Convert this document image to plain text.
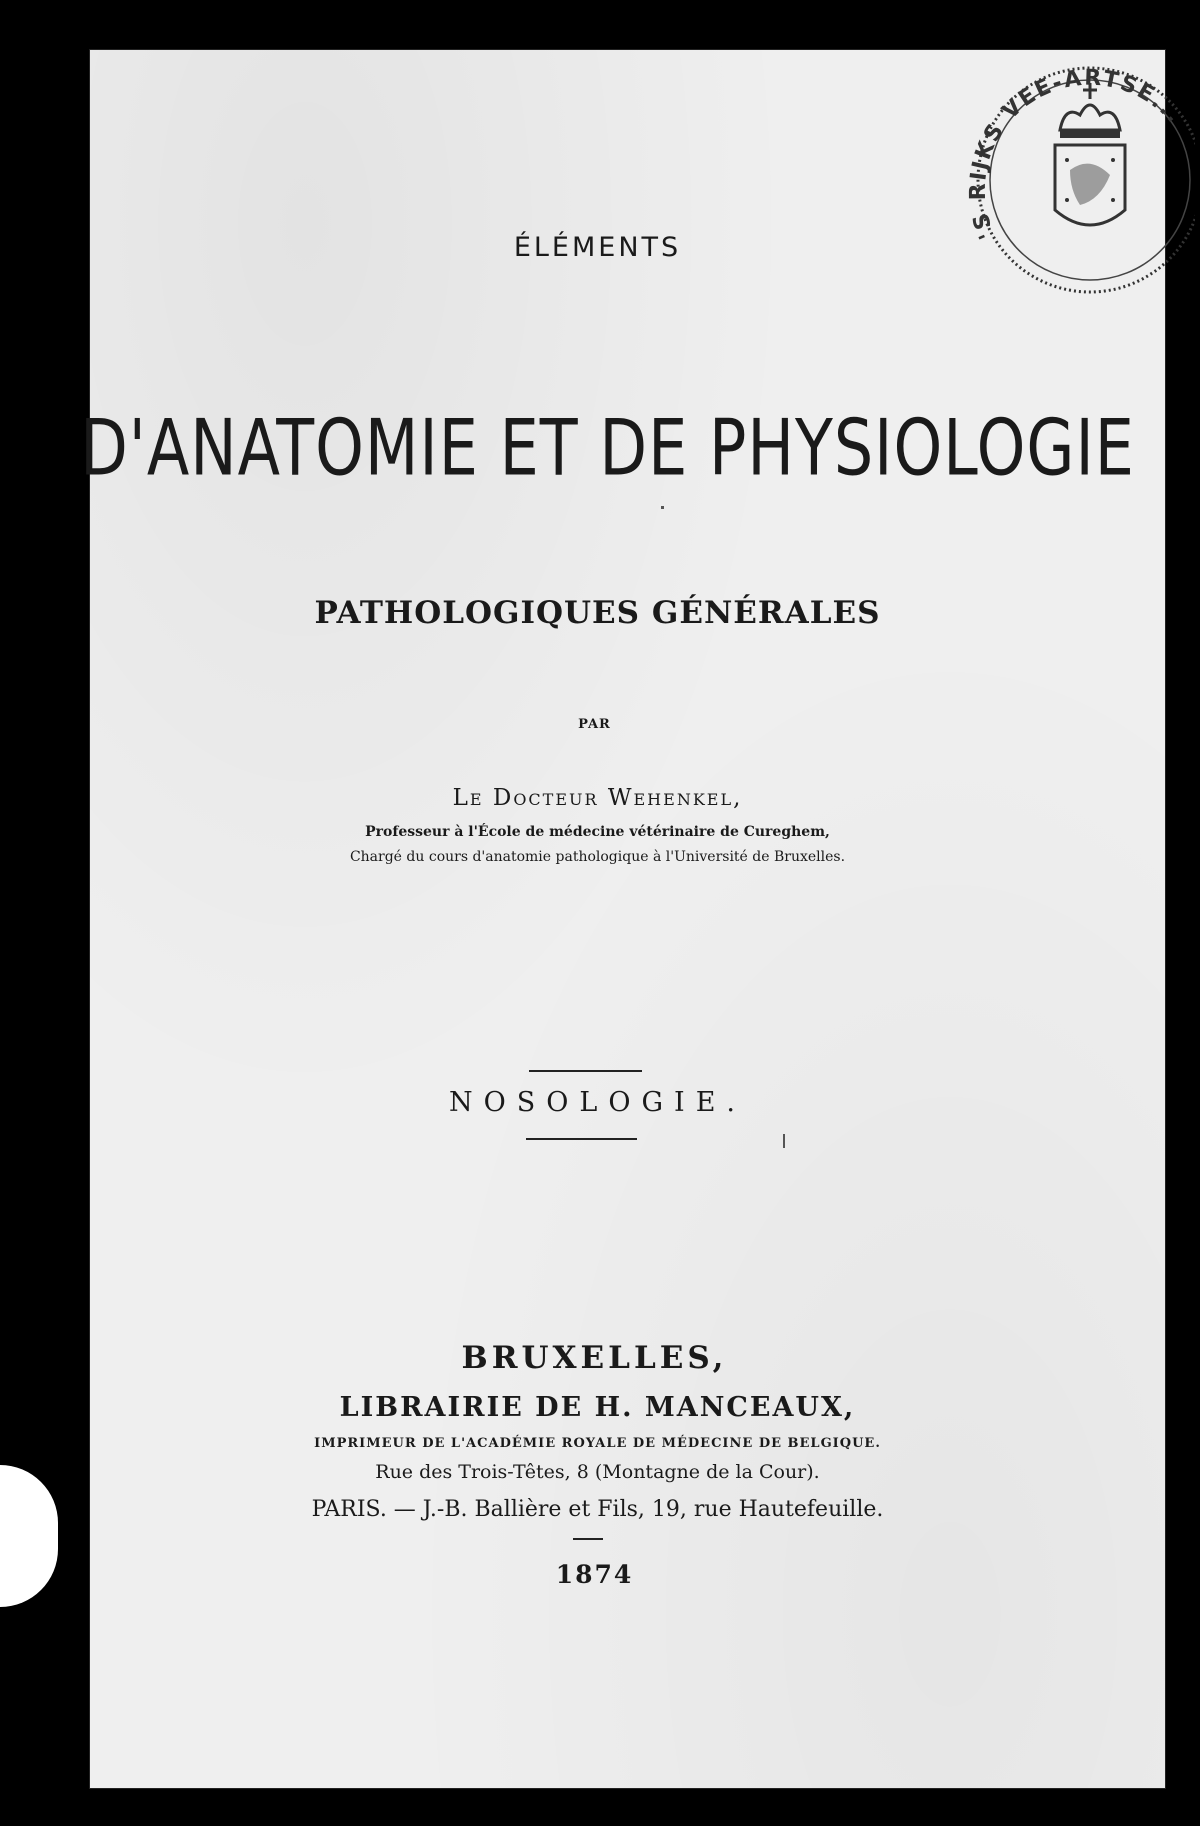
ÉLÉMENTS
D'ANATOMIE ET DE PHYSIOLOGIE
PATHOLOGIQUES GÉNÉRALES
PAR
Le Docteur Wehenkel,
Professeur à l'École de médecine vétérinaire de Cureghem,
Chargé du cours d'anatomie pathologique à l'Université de Bruxelles.
NOSOLOGIE.
BRUXELLES,
LIBRAIRIE DE H. MANCEAUX,
IMPRIMEUR DE L'ACADÉMIE ROYALE DE MÉDECINE DE BELGIQUE.
Rue des Trois-Têtes, 8 (Montagne de la Cour).
PARIS. — J.-B. Ballière et Fils, 19, rue Hautefeuille.
1874
'S RIJKS VEE-ARTSE...
